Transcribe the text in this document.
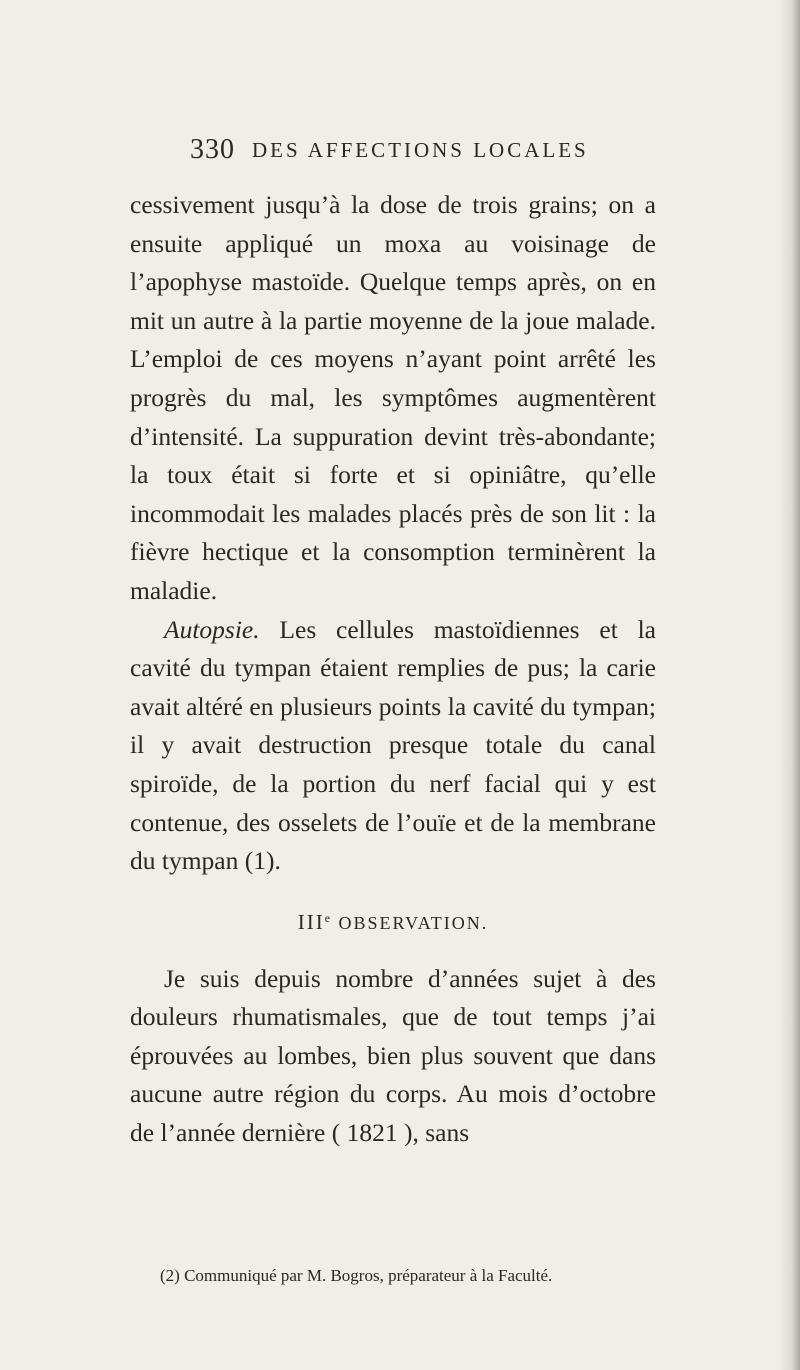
330 DES AFFECTIONS LOCALES

cessivement jusqu’à la dose de trois grains; on a ensuite appliqué un moxa au voisinage de l’apophyse mastoïde. Quelque temps après, on en mit un autre à la partie moyenne de la joue malade. L’emploi de ces moyens n’ayant point arrêté les progrès du mal, les symptômes augmentèrent d’intensité. La suppuration devint très-abondante; la toux était si forte et si opiniâtre, qu’elle incommodait les malades placés près de son lit : la fièvre hectique et la consomption terminèrent la maladie.

Autopsie. Les cellules mastoïdiennes et la cavité du tympan étaient remplies de pus; la carie avait altéré en plusieurs points la cavité du tympan; il y avait destruction presque totale du canal spiroïde, de la portion du nerf facial qui y est contenue, des osselets de l’ouïe et de la membrane du tympan (1).

IIIe OBSERVATION.

Je suis depuis nombre d’années sujet à des douleurs rhumatismales, que de tout temps j’ai éprouvées au lombes, bien plus souvent que dans aucune autre région du corps. Au mois d’octobre de l’année dernière ( 1821 ), sans

(2) Communiqué par M. Bogros, préparateur à la Faculté.
